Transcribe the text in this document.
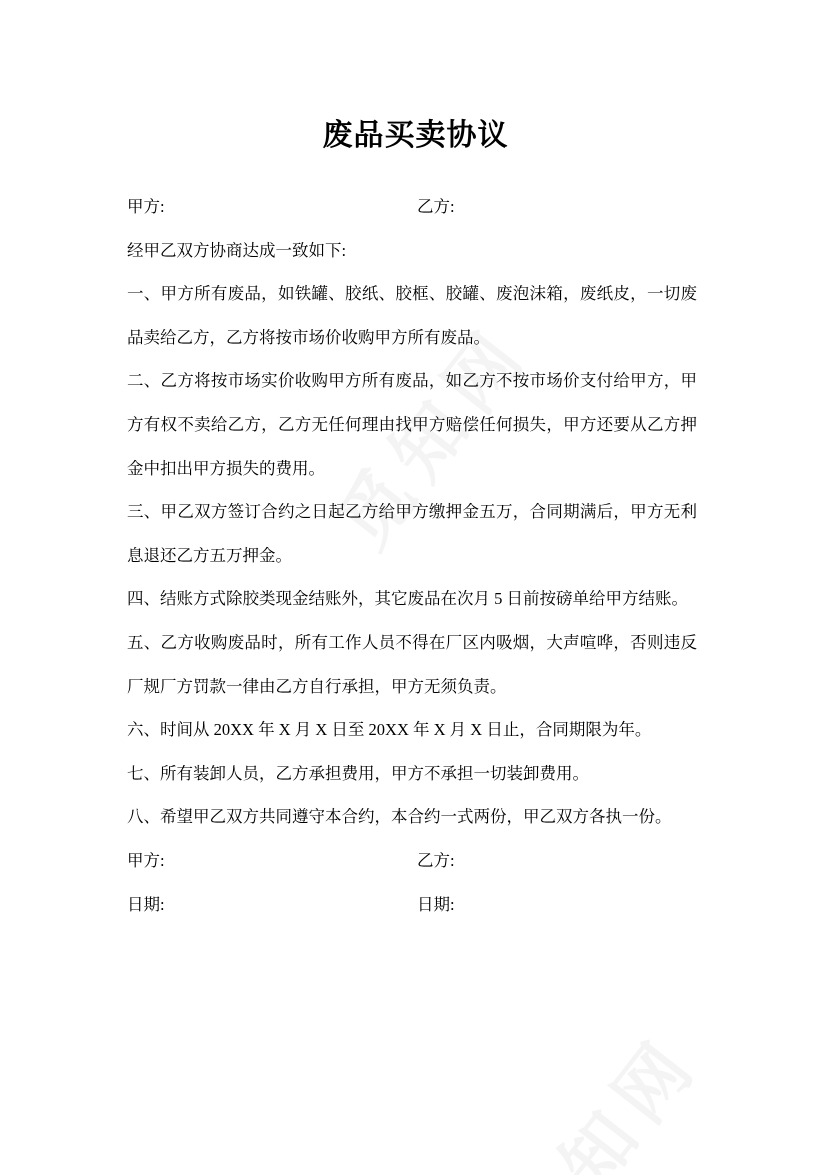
废品买卖协议
甲方:	乙方:
经甲乙双方协商达成一致如下:
一、甲方所有废品，如铁罐、胶纸、胶框、胶罐、废泡沫箱，废纸皮，一切废
品卖给乙方，乙方将按市场价收购甲方所有废品。
二、乙方将按市场实价收购甲方所有废品，如乙方不按市场价支付给甲方，甲
方有权不卖给乙方，乙方无任何理由找甲方赔偿任何损失，甲方还要从乙方押
金中扣出甲方损失的费用。
三、甲乙双方签订合约之日起乙方给甲方缴押金五万，合同期满后，甲方无利
息退还乙方五万押金。
四、结账方式除胶类现金结账外，其它废品在次月 5 日前按磅单给甲方结账。
五、乙方收购废品时，所有工作人员不得在厂区内吸烟，大声喧哗，否则违反
厂规厂方罚款一律由乙方自行承担，甲方无须负责。
六、时间从 20XX 年 X 月 X 日至 20XX 年 X 月 X 日止，合同期限为年。
七、所有装卸人员，乙方承担费用，甲方不承担一切装卸费用。
八、希望甲乙双方共同遵守本合约，本合约一式两份，甲乙双方各执一份。
甲方:	乙方:
日期:	日期:
